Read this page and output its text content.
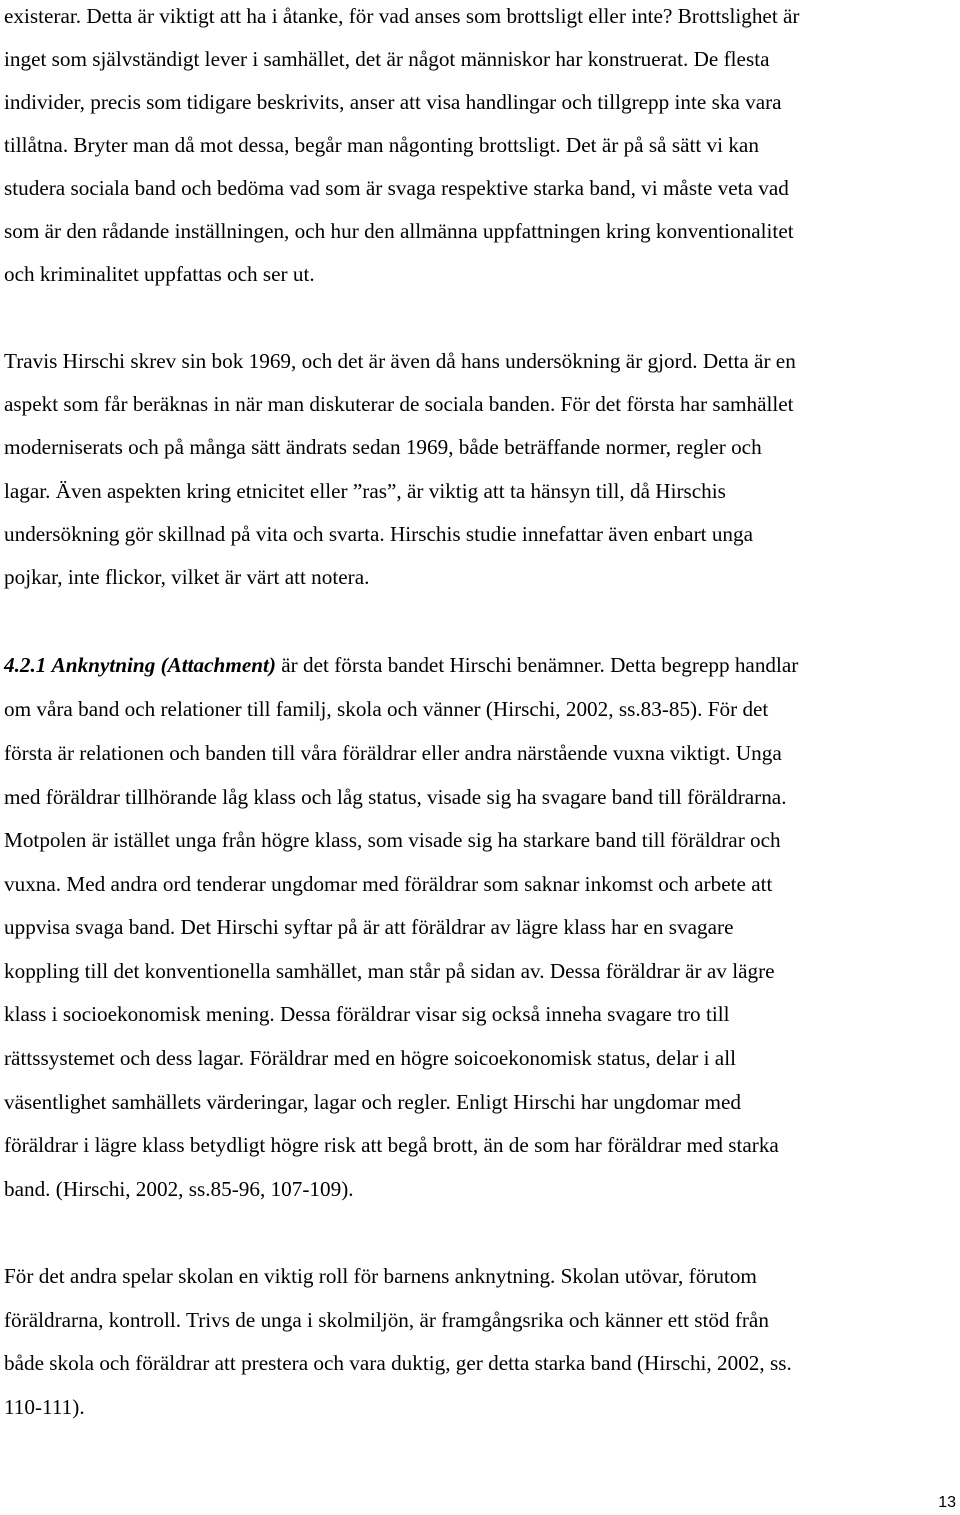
existerar. Detta är viktigt att ha i åtanke, för vad anses som brottsligt eller inte? Brottslighet är
inget som självständigt lever i samhället, det är något människor har konstruerat. De flesta
individer, precis som tidigare beskrivits, anser att visa handlingar och tillgrepp inte ska vara
tillåtna. Bryter man då mot dessa, begår man någonting brottsligt. Det är på så sätt vi kan
studera sociala band och bedöma vad som är svaga respektive starka band, vi måste veta vad
som är den rådande inställningen, och hur den allmänna uppfattningen kring konventionalitet
och kriminalitet uppfattas och ser ut.
Travis Hirschi skrev sin bok 1969, och det är även då hans undersökning är gjord. Detta är en
aspekt som får beräknas in när man diskuterar de sociala banden. För det första har samhället
moderniserats och på många sätt ändrats sedan 1969, både beträffande normer, regler och
lagar. Även aspekten kring etnicitet eller ”ras”, är viktig att ta hänsyn till, då Hirschis
undersökning gör skillnad på vita och svarta. Hirschis studie innefattar även enbart unga
pojkar, inte flickor, vilket är värt att notera.
4.2.1 Anknytning (Attachment) är det första bandet Hirschi benämner. Detta begrepp handlar
om våra band och relationer till familj, skola och vänner (Hirschi, 2002, ss.83-85). För det
första är relationen och banden till våra föräldrar eller andra närstående vuxna viktigt. Unga
med föräldrar tillhörande låg klass och låg status, visade sig ha svagare band till föräldrarna.
Motpolen är istället unga från högre klass, som visade sig ha starkare band till föräldrar och
vuxna. Med andra ord tenderar ungdomar med föräldrar som saknar inkomst och arbete att
uppvisa svaga band. Det Hirschi syftar på är att föräldrar av lägre klass har en svagare
koppling till det konventionella samhället, man står på sidan av. Dessa föräldrar är av lägre
klass i socioekonomisk mening. Dessa föräldrar visar sig också inneha svagare tro till
rättssystemet och dess lagar. Föräldrar med en högre soicoekonomisk status, delar i all
väsentlighet samhällets värderingar, lagar och regler. Enligt Hirschi har ungdomar med
föräldrar i lägre klass betydligt högre risk att begå brott, än de som har föräldrar med starka
band. (Hirschi, 2002, ss.85-96, 107-109).
För det andra spelar skolan en viktig roll för barnens anknytning. Skolan utövar, förutom
föräldrarna, kontroll. Trivs de unga i skolmiljön, är framgångsrika och känner ett stöd från
både skola och föräldrar att prestera och vara duktig, ger detta starka band (Hirschi, 2002, ss.
110-111).
13
